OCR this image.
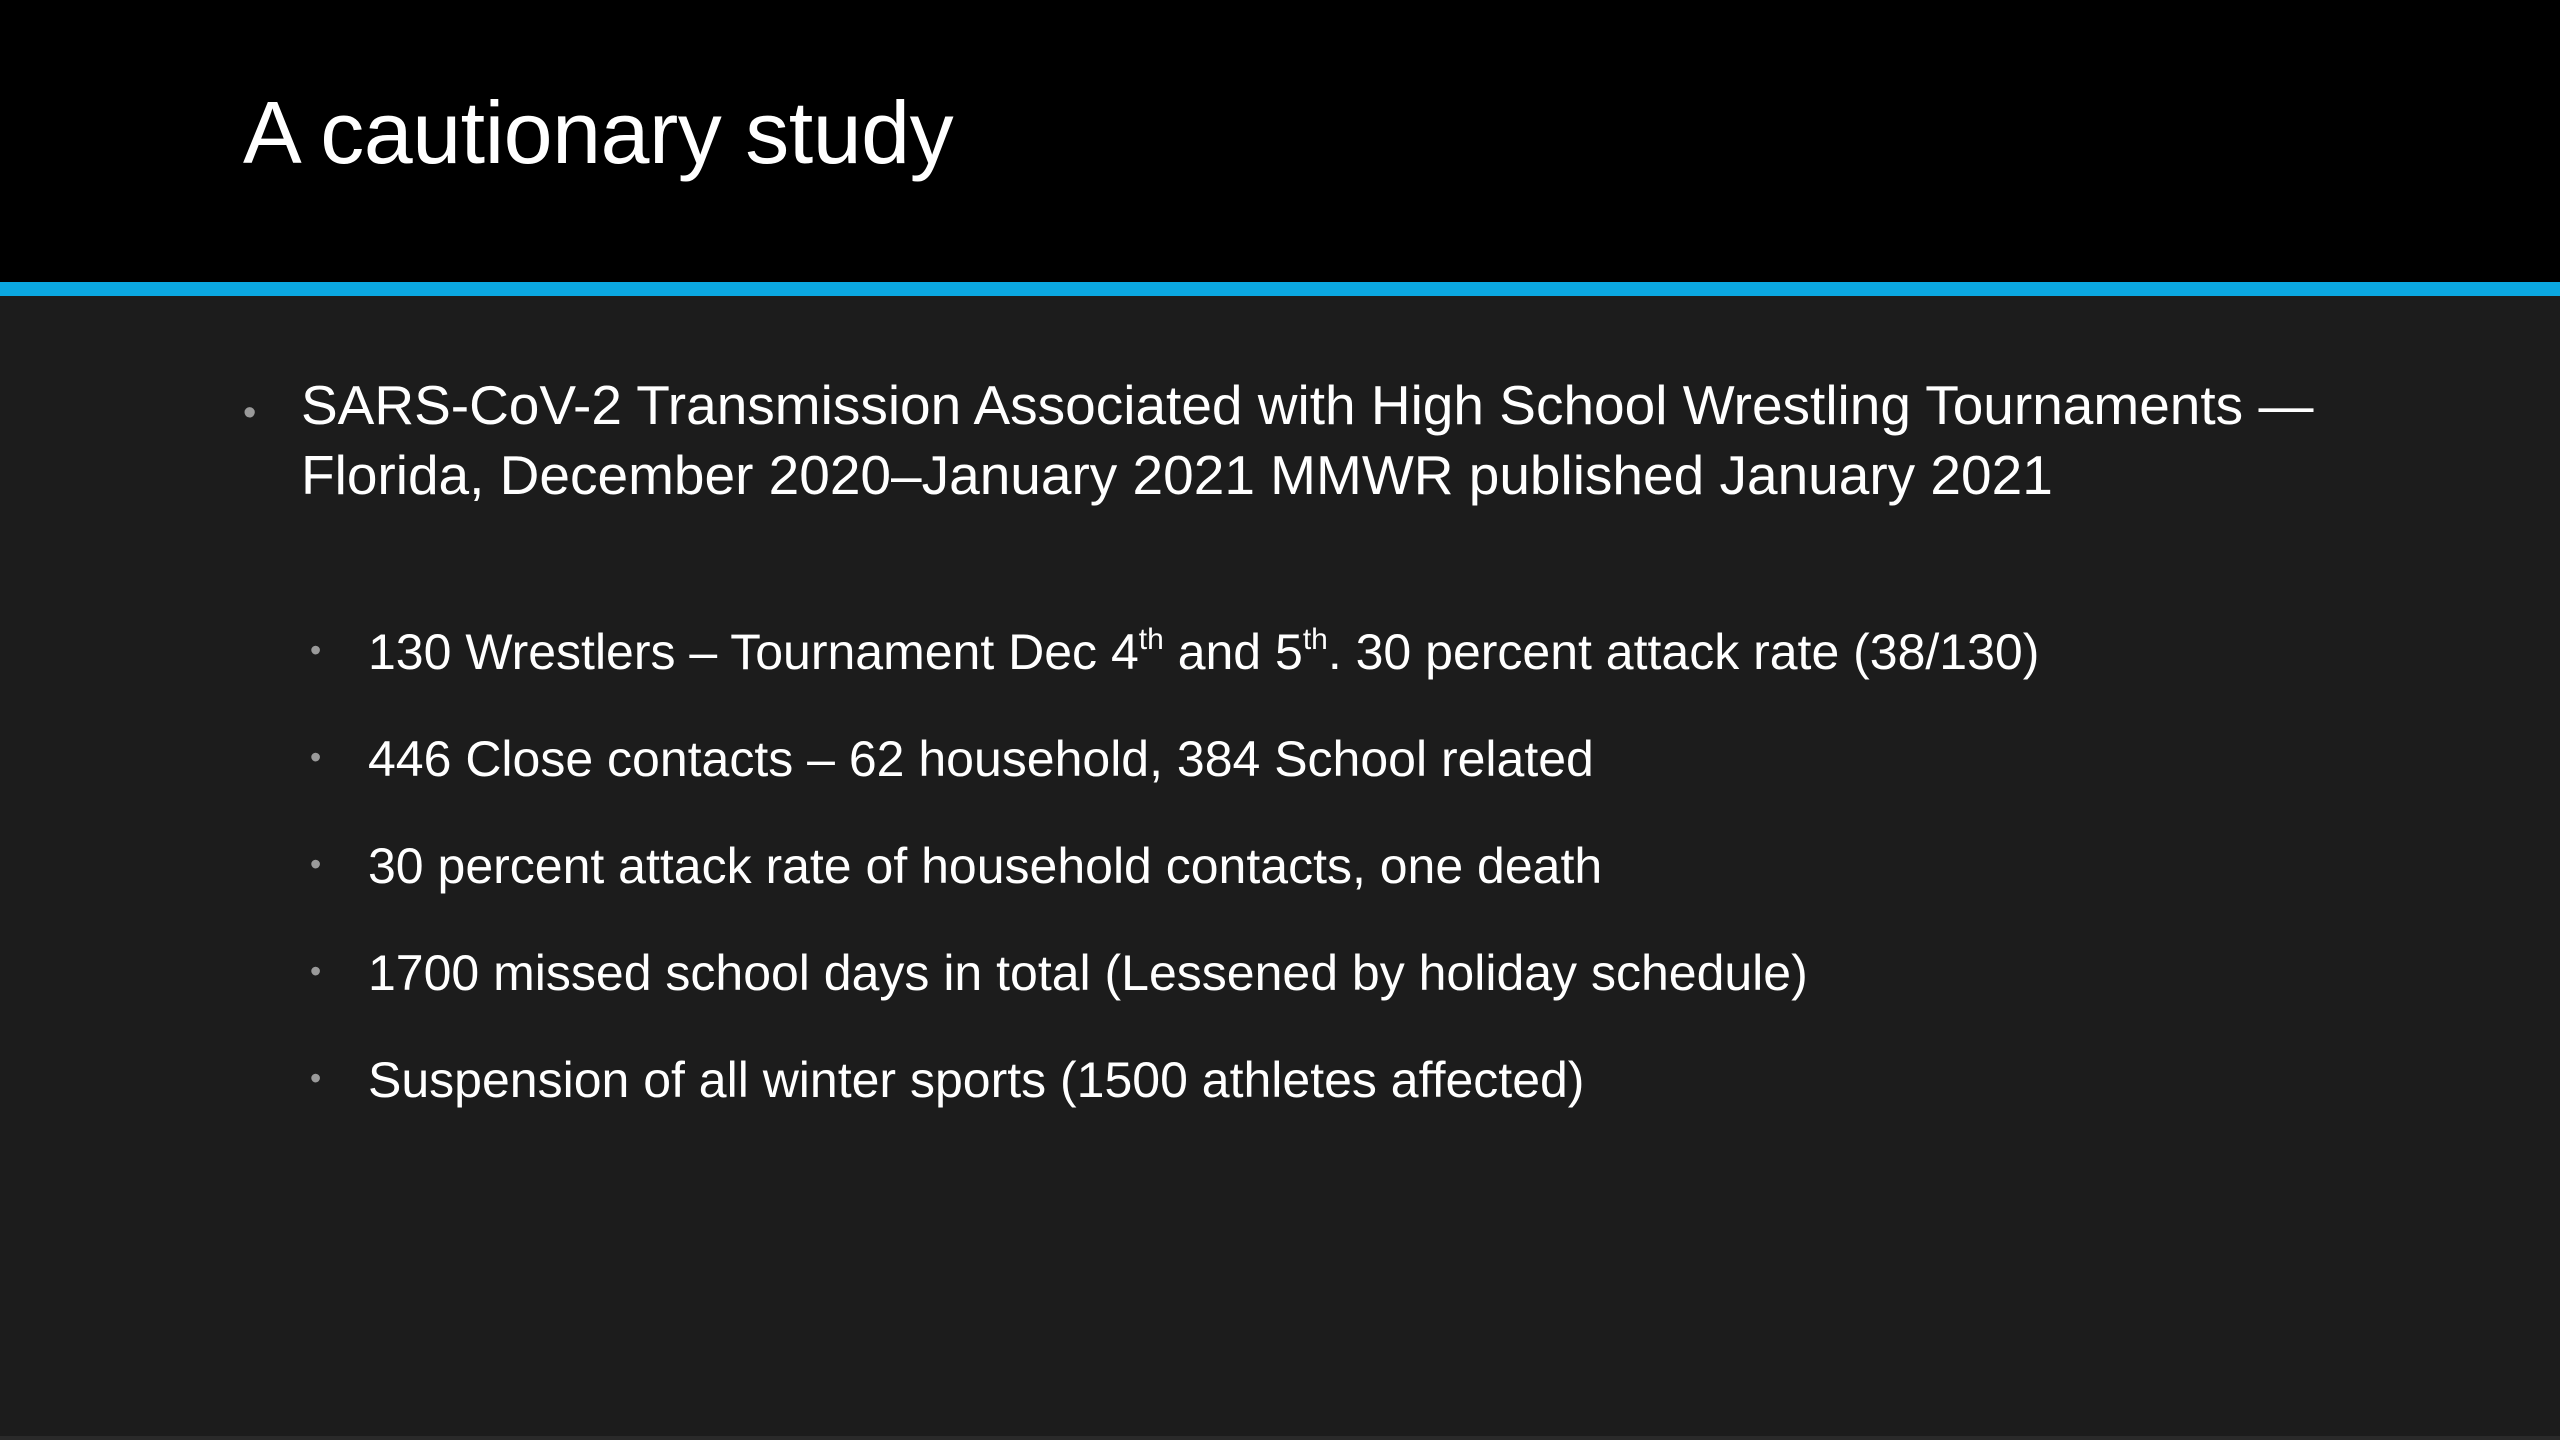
A cautionary study
• SARS-CoV-2 Transmission Associated with High School Wrestling Tournaments — Florida, December 2020–January 2021 MMWR published January 2021
• 130 Wrestlers – Tournament Dec 4th and 5th. 30 percent attack rate (38/130)
• 446 Close contacts – 62 household, 384 School related
• 30 percent attack rate of household contacts, one death
• 1700 missed school days in total (Lessened by holiday schedule)
• Suspension of all winter sports (1500 athletes affected)
